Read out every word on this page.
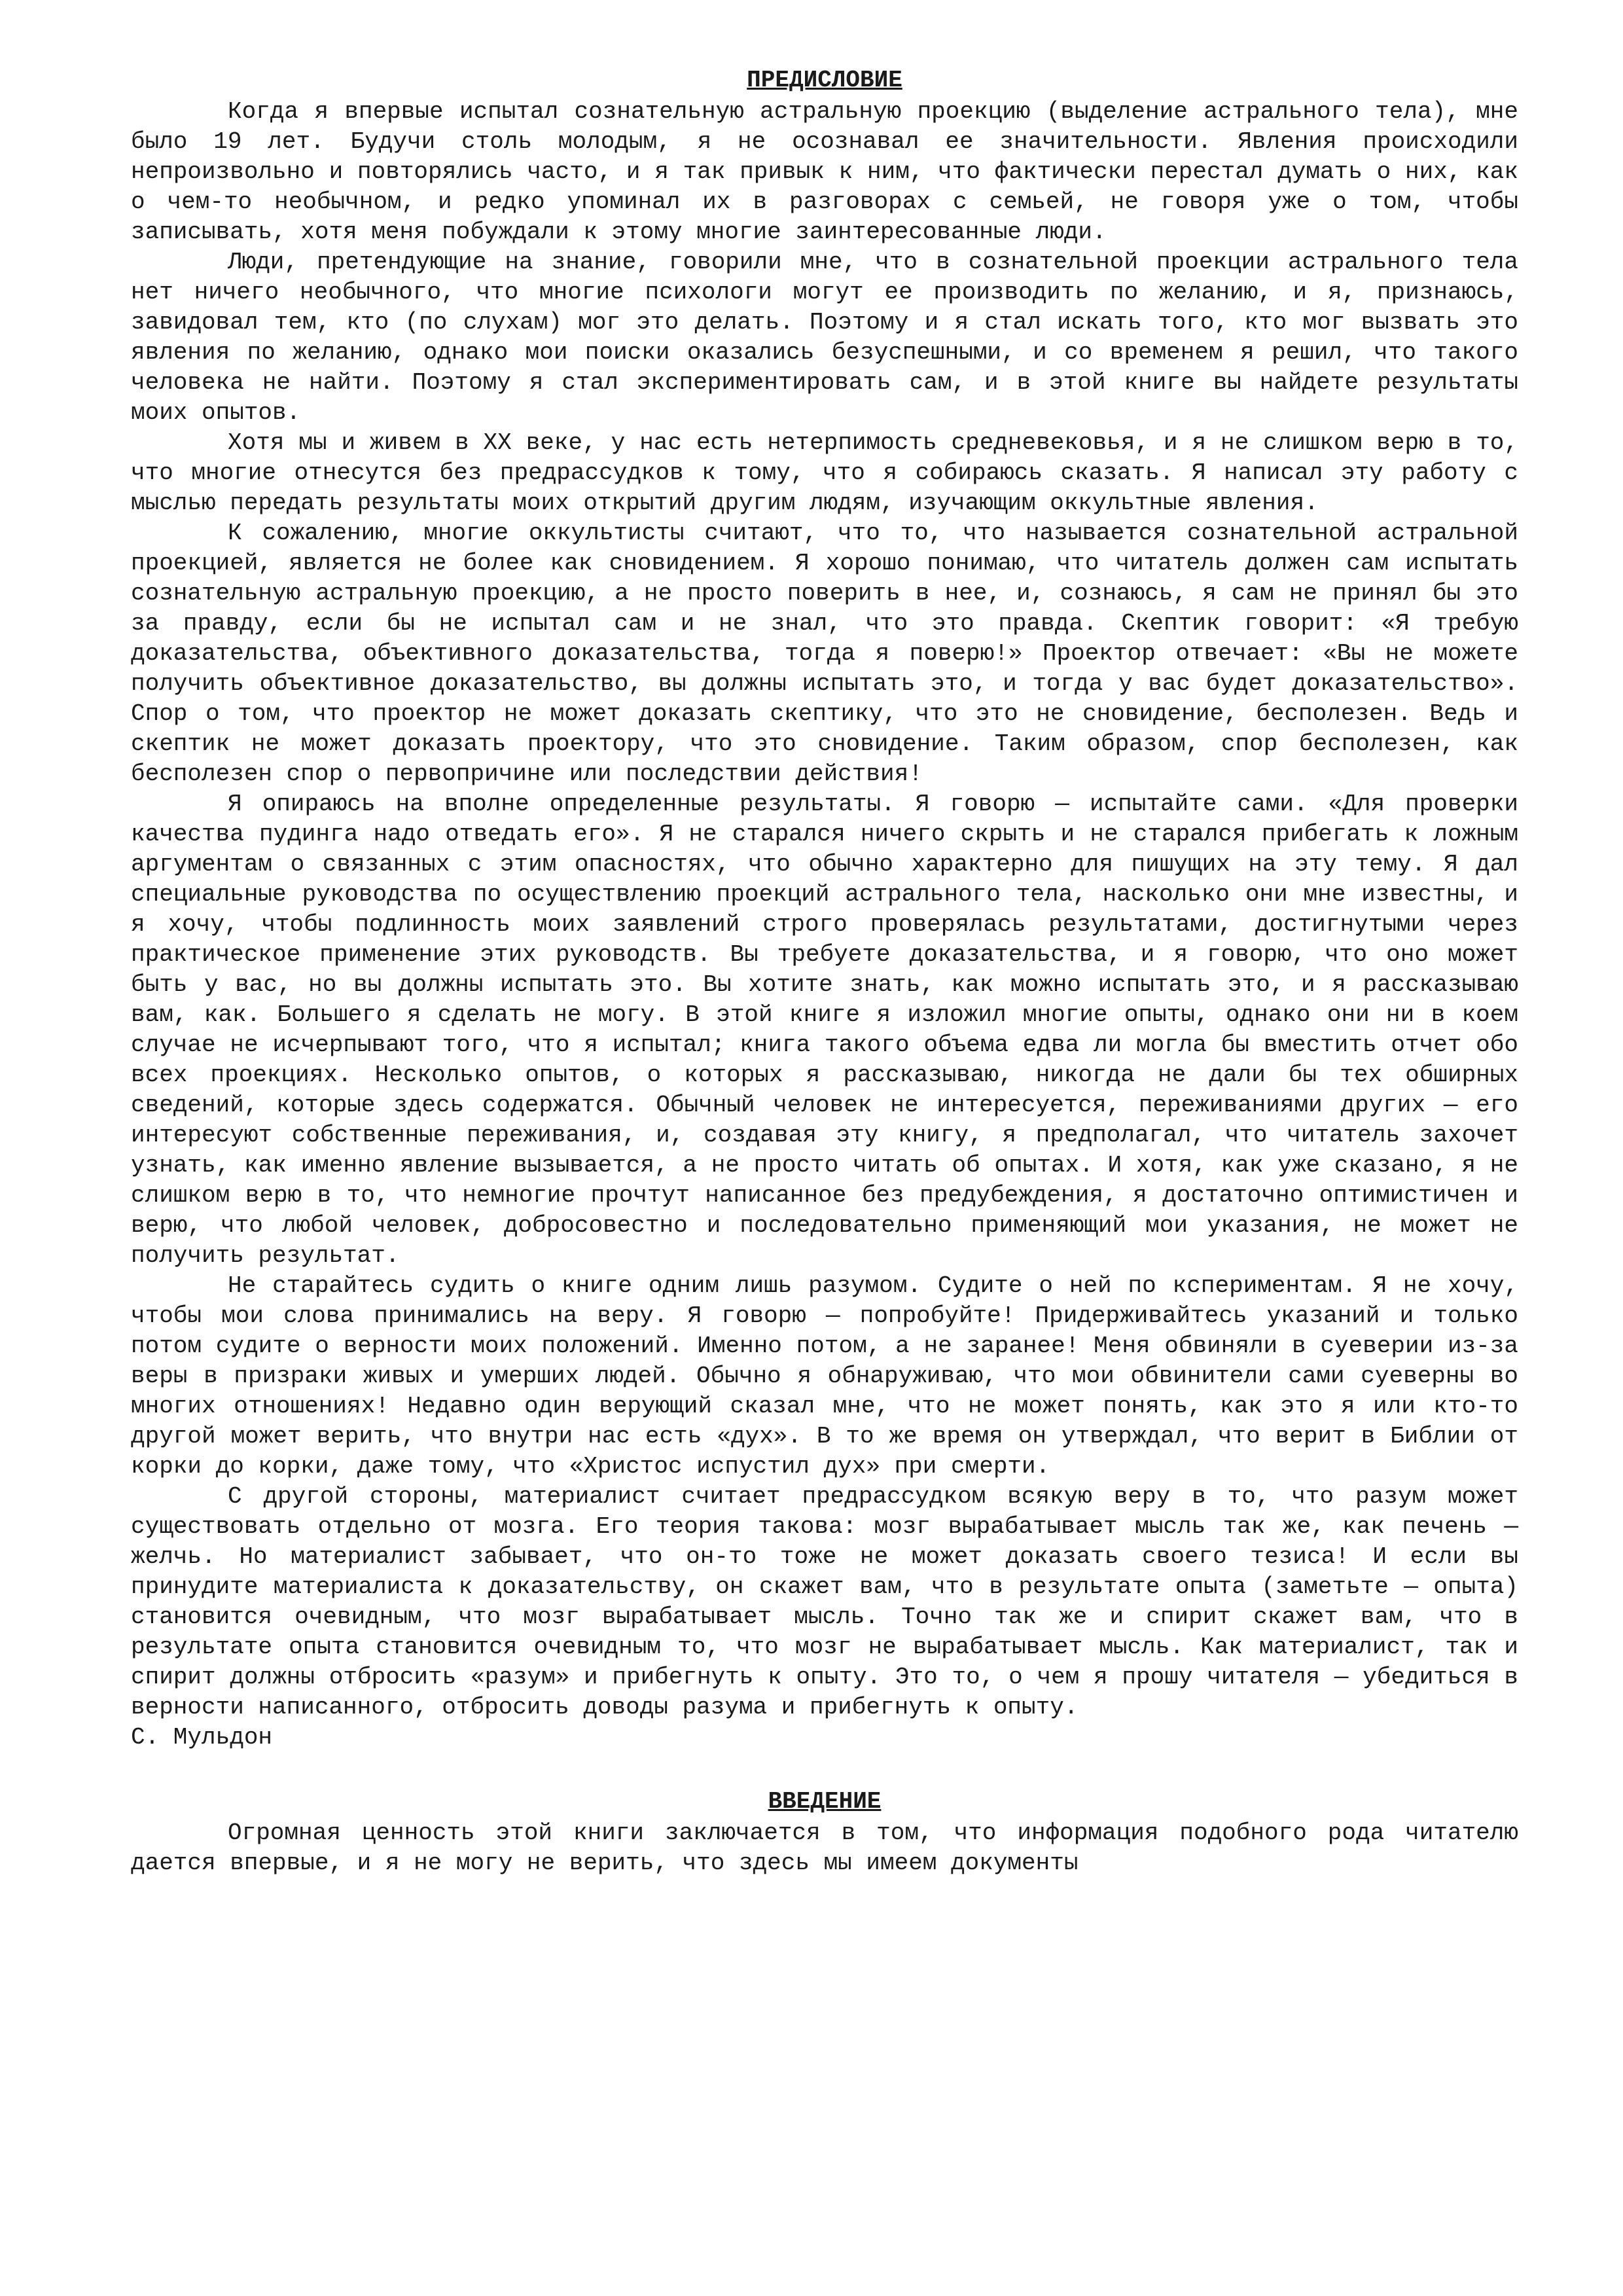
ПРЕДИСЛОВИЕ

Когда я впервые испытал сознательную астральную проекцию (выделение астрального тела), мне было 19 лет. Будучи столь молодым, я не осознавал ее значительности. Явления происходили непроизвольно и повторялись часто, и я так привык к ним, что фактически перестал думать о них, как о чем-то необычном, и редко упоминал их в разговорах с семьей, не говоря уже о том, чтобы записывать, хотя меня побуждали к этому многие заинтересованные люди.

Люди, претендующие на знание, говорили мне, что в сознательной проекции астрального тела нет ничего необычного, что многие психологи могут ее производить по желанию, и я, признаюсь, завидовал тем, кто (по слухам) мог это делать. Поэтому и я стал искать того, кто мог вызвать это явления по желанию, однако мои поиски оказались безуспешными, и со временем я решил, что такого человека не найти. Поэтому я стал экспериментировать сам, и в этой книге вы найдете результаты моих опытов.

Хотя мы и живем в XX веке, у нас есть нетерпимость средневековья, и я не слишком верю в то, что многие отнесутся без предрассудков к тому, что я собираюсь сказать. Я написал эту работу с мыслью передать результаты моих открытий другим людям, изучающим оккультные явления.

К сожалению, многие оккультисты считают, что то, что называется сознательной астральной проекцией, является не более как сновидением. Я хорошо понимаю, что читатель должен сам испытать сознательную астральную проекцию, а не просто поверить в нее, и, сознаюсь, я сам не принял бы это за правду, если бы не испытал сам и не знал, что это правда. Скептик говорит: «Я требую доказательства, объективного доказательства, тогда я поверю!» Проектор отвечает: «Вы не можете получить объективное доказательство, вы должны испытать это, и тогда у вас будет доказательство». Спор о том, что проектор не может доказать скептику, что это не сновидение, бесполезен. Ведь и скептик не может доказать проектору, что это сновидение. Таким образом, спор бесполезен, как бесполезен спор о первопричине или последствии действия!

Я опираюсь на вполне определенные результаты. Я говорю — испытайте сами. «Для проверки качества пудинга надо отведать его». Я не старался ничего скрыть и не старался прибегать к ложным аргументам о связанных с этим опасностях, что обычно характерно для пишущих на эту тему. Я дал специальные руководства по осуществлению проекций астрального тела, насколько они мне известны, и я хочу, чтобы подлинность моих заявлений строго проверялась результатами, достигнутыми через практическое применение этих руководств. Вы требуете доказательства, и я говорю, что оно может быть у вас, но вы должны испытать это. Вы хотите знать, как можно испытать это, и я рассказываю вам, как. Большего я сделать не могу. В этой книге я изложил многие опыты, однако они ни в коем случае не исчерпывают того, что я испытал; книга такого объема едва ли могла бы вместить отчет обо всех проекциях. Несколько опытов, о которых я рассказываю, никогда не дали бы тех обширных сведений, которые здесь содержатся. Обычный человек не интересуется, переживаниями других — его интересуют собственные переживания, и, создавая эту книгу, я предполагал, что читатель захочет узнать, как именно явление вызывается, а не просто читать об опытах. И хотя, как уже сказано, я не слишком верю в то, что немногие прочтут написанное без предубеждения, я достаточно оптимистичен и верю, что любой человек, добросовестно и последовательно применяющий мои указания, не может не получить результат.

Не старайтесь судить о книге одним лишь разумом. Судите о ней по кспериментам. Я не хочу, чтобы мои слова принимались на веру. Я говорю — попробуйте! Придерживайтесь указаний и только потом судите о верности моих положений. Именно потом, а не заранее! Меня обвиняли в суеверии из-за веры в призраки живых и умерших людей. Обычно я обнаруживаю, что мои обвинители сами суеверны во многих отношениях! Недавно один верующий сказал мне, что не может понять, как это я или кто-то другой может верить, что внутри нас есть «дух». В то же время он утверждал, что верит в Библии от корки до корки, даже тому, что «Христос испустил дух» при смерти.

С другой стороны, материалист считает предрассудком всякую веру в то, что разум может существовать отдельно от мозга. Его теория такова: мозг вырабатывает мысль так же, как печень — желчь. Но материалист забывает, что он-то тоже не может доказать своего тезиса! И если вы принудите материалиста к доказательству, он скажет вам, что в результате опыта (заметьте — опыта) становится очевидным, что мозг вырабатывает мысль. Точно так же и спирит скажет вам, что в результате опыта становится очевидным то, что мозг не вырабатывает мысль. Как материалист, так и спирит должны отбросить «разум» и прибегнуть к опыту. Это то, о чем я прошу читателя — убедиться в верности написанного, отбросить доводы разума и прибегнуть к опыту.

С. Мульдон

ВВЕДЕНИЕ

Огромная ценность этой книги заключается в том, что информация подобного рода читателю дается впервые, и я не могу не верить, что здесь мы имеем документы
